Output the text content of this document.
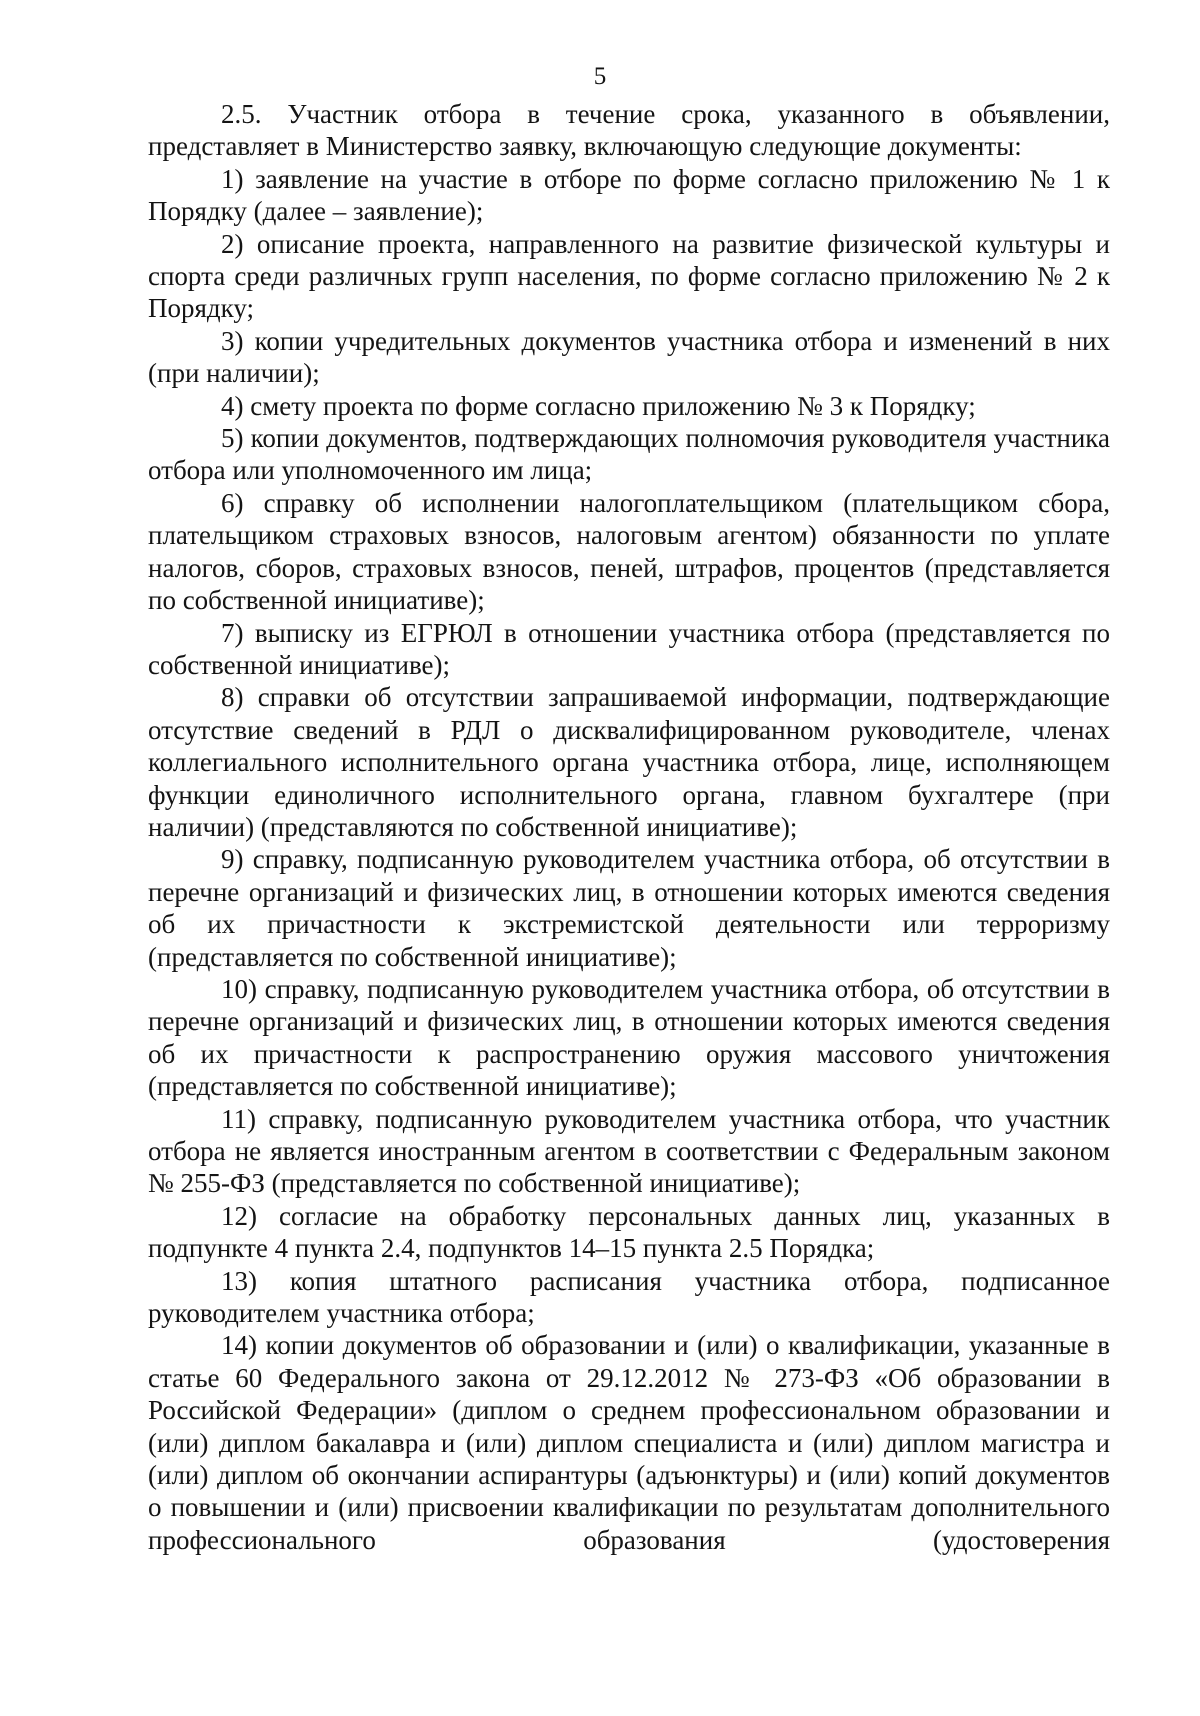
5

2.5. Участник отбора в течение срока, указанного в объявлении, представляет в Министерство заявку, включающую следующие документы:

1) заявление на участие в отборе по форме согласно приложению № 1 к Порядку (далее – заявление);

2) описание проекта, направленного на развитие физической культуры и спорта среди различных групп населения, по форме согласно приложению № 2 к Порядку;

3) копии учредительных документов участника отбора и изменений в них (при наличии);

4) смету проекта по форме согласно приложению № 3 к Порядку;

5) копии документов, подтверждающих полномочия руководителя участника отбора или уполномоченного им лица;

6) справку об исполнении налогоплательщиком (плательщиком сбора, плательщиком страховых взносов, налоговым агентом) обязанности по уплате налогов, сборов, страховых взносов, пеней, штрафов, процентов (представляется по собственной инициативе);

7) выписку из ЕГРЮЛ в отношении участника отбора (представляется по собственной инициативе);

8) справки об отсутствии запрашиваемой информации, подтверждающие отсутствие сведений в РДЛ о дисквалифицированном руководителе, членах коллегиального исполнительного органа участника отбора, лице, исполняющем функции единоличного исполнительного органа, главном бухгалтере (при наличии) (представляются по собственной инициативе);

9) справку, подписанную руководителем участника отбора, об отсутствии в перечне организаций и физических лиц, в отношении которых имеются сведения об их причастности к экстремистской деятельности или терроризму (представляется по собственной инициативе);

10) справку, подписанную руководителем участника отбора, об отсутствии в перечне организаций и физических лиц, в отношении которых имеются сведения об их причастности к распространению оружия массового уничтожения (представляется по собственной инициативе);

11) справку, подписанную руководителем участника отбора, что участник отбора не является иностранным агентом в соответствии с Федеральным законом № 255-ФЗ (представляется по собственной инициативе);

12) согласие на обработку персональных данных лиц, указанных в подпункте 4 пункта 2.4, подпунктов 14–15 пункта 2.5 Порядка;

13) копия штатного расписания участника отбора, подписанное руководителем участника отбора;

14) копии документов об образовании и (или) о квалификации, указанные в статье 60 Федерального закона от 29.12.2012 № 273-ФЗ «Об образовании в Российской Федерации» (диплом о среднем профессиональном образовании и (или) диплом бакалавра и (или) диплом специалиста и (или) диплом магистра и (или) диплом об окончании аспирантуры (адъюнктуры) и (или) копий документов о повышении и (или) присвоении квалификации по результатам дополнительного профессионального образования (удостоверения
